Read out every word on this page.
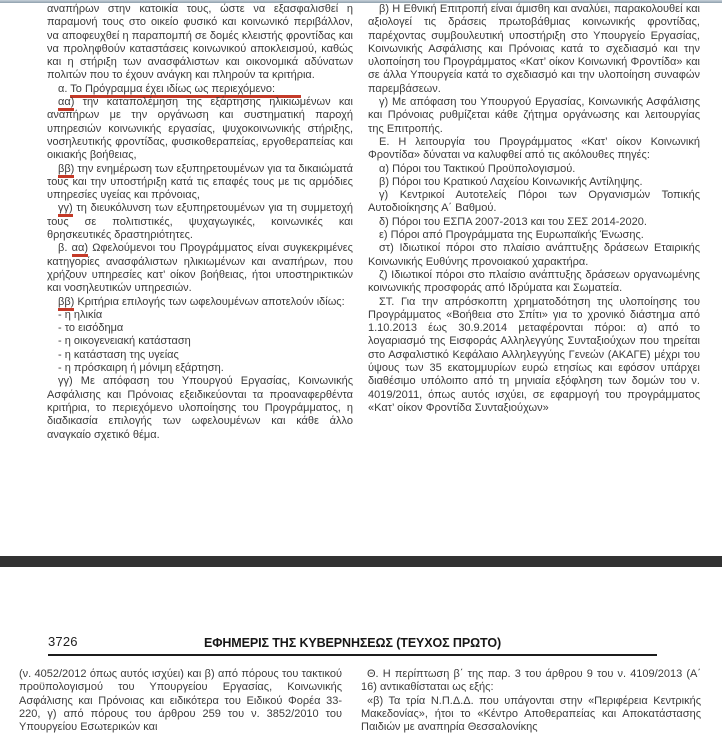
αναπήρων στην κατοικία τους, ώστε να εξασφαλισθεί η παραμονή τους στο οικείο φυσικό και κοινωνικό περιβάλλον, να αποφευχθεί η παραπομπή σε δομές κλειστής φροντίδας και να προληφθούν καταστάσεις κοινωνικού αποκλεισμού, καθώς και η στήριξη των ανασφάλιστων και οικονομικά αδύνατων πολιτών που το έχουν ανάγκη και πληρούν τα κριτήρια.

α. Το Πρόγραμμα έχει ιδίως ως περιεχόμενο:

αα) την καταπολέμηση της εξάρτησης ηλικιωμένων και αναπήρων με την οργάνωση και συστηματική παροχή υπηρεσιών κοινωνικής εργασίας, ψυχοκοινωνικής στήριξης, νοσηλευτικής φροντίδας, φυσικοθεραπείας, εργοθεραπείας και οικιακής βοήθειας,

ββ) την ενημέρωση των εξυπηρετουμένων για τα δικαιώματά τους και την υποστήριξη κατά τις επαφές τους με τις αρμόδιες υπηρεσίες υγείας και πρόνοιας,

γγ) τη διευκόλυνση των εξυπηρετουμένων για τη συμμετοχή τους σε πολιτιστικές, ψυχαγωγικές, κοινωνικές και θρησκευτικές δραστηριότητες.

β. αα) Ωφελούμενοι του Προγράμματος είναι συγκεκριμένες κατηγορίες ανασφάλιστων ηλικιωμένων και αναπήρων, που χρήζουν υπηρεσίες κατ’ οίκον βοήθειας, ήτοι υποστηρικτικών και νοσηλευτικών υπηρεσιών.

ββ) Κριτήρια επιλογής των ωφελουμένων αποτελούν ιδίως:

- η ηλικία

- το εισόδημα

- η οικογενειακή κατάσταση

- η κατάσταση της υγείας

- η πρόσκαιρη ή μόνιμη εξάρτηση.

γγ) Με απόφαση του Υπουργού Εργασίας, Κοινωνικής Ασφάλισης και Πρόνοιας εξειδικεύονται τα προαναφερθέντα κριτήρια, το περιεχόμενο υλοποίησης του Προγράμματος, η διαδικασία επιλογής των ωφελουμένων και κάθε άλλο αναγκαίο σχετικό θέμα.

β) Η Εθνική Επιτροπή είναι άμισθη και αναλύει, παρακολουθεί και αξιολογεί τις δράσεις πρωτοβάθμιας κοινωνικής φροντίδας, παρέχοντας συμβουλευτική υποστήριξη στο Υπουργείο Εργασίας, Κοινωνικής Ασφάλισης και Πρόνοιας κατά το σχεδιασμό και την υλοποίηση του Προγράμματος «Κατ’ οίκον Κοινωνική Φροντίδα» και σε άλλα Υπουργεία κατά το σχεδιασμό και την υλοποίηση συναφών παρεμβάσεων.

γ) Με απόφαση του Υπουργού Εργασίας, Κοινωνικής Ασφάλισης και Πρόνοιας ρυθμίζεται κάθε ζήτημα οργάνωσης και λειτουργίας της Επιτροπής.

Ε. Η λειτουργία του Προγράμματος «Κατ’ οίκον Κοινωνική Φροντίδα» δύναται να καλυφθεί από τις ακόλουθες πηγές:

α) Πόροι του Τακτικού Προϋπολογισμού.

β) Πόροι του Κρατικού Λαχείου Κοινωνικής Αντίληψης.

γ) Κεντρικοί Αυτοτελείς Πόροι των Οργανισμών Τοπικής Αυτοδιοίκησης Α΄ Βαθμού.

δ) Πόροι του ΕΣΠΑ 2007-2013 και του ΣΕΣ 2014-2020.

ε) Πόροι από Προγράμματα της Ευρωπαϊκής Ένωσης.

στ) Ιδιωτικοί πόροι στο πλαίσιο ανάπτυξης δράσεων Εταιρικής Κοινωνικής Ευθύνης προνοιακού χαρακτήρα.

ζ) Ιδιωτικοί πόροι στο πλαίσιο ανάπτυξης δράσεων οργανωμένης κοινωνικής προσφοράς από Ιδρύματα και Σωματεία.

ΣΤ. Για την απρόσκοπτη χρηματοδότηση της υλοποίησης του Προγράμματος «Βοήθεια στο Σπίτι» για το χρονικό διάστημα από 1.10.2013 έως 30.9.2014 μεταφέρονται πόροι: α) από το λογαριασμό της Εισφοράς Αλληλεγγύης Συνταξιούχων που τηρείται στο Ασφαλιστικό Κεφάλαιο Αλληλεγγύης Γενεών (ΑΚΑΓΕ) μέχρι του ύψους των 35 εκατομμυρίων ευρώ ετησίως και εφόσον υπάρχει διαθέσιμο υπόλοιπο από τη μηνιαία εξόφληση των δομών του ν. 4019/2011, όπως αυτός ισχύει, σε εφαρμογή του προγράμματος «Κατ’ οίκον Φροντίδα Συνταξιούχων»

3726	ΕΦΗΜΕΡΙΣ ΤΗΣ ΚΥΒΕΡΝΗΣΕΩΣ (ΤΕΥΧΟΣ ΠΡΩΤΟ)

(ν. 4052/2012 όπως αυτός ισχύει) και β) από πόρους του τακτικού προϋπολογισμού του Υπουργείου Εργασίας, Κοινωνικής Ασφάλισης και Πρόνοιας και ειδικότερα του Ειδικού Φορέα 33-220, γ) από πόρους του άρθρου 259 του ν. 3852/2010 του Υπουργείου Εσωτερικών και

Θ. Η περίπτωση β΄ της παρ. 3 του άρθρου 9 του ν. 4109/2013 (Α΄ 16) αντικαθίσταται ως εξής:

«β) Τα τρία Ν.Π.Δ.Δ. που υπάγονται στην «Περιφέρεια Κεντρικής Μακεδονίας», ήτοι το «Κέντρο Αποθεραπείας και Αποκατάστασης Παιδιών με αναπηρία Θεσσαλονίκης
